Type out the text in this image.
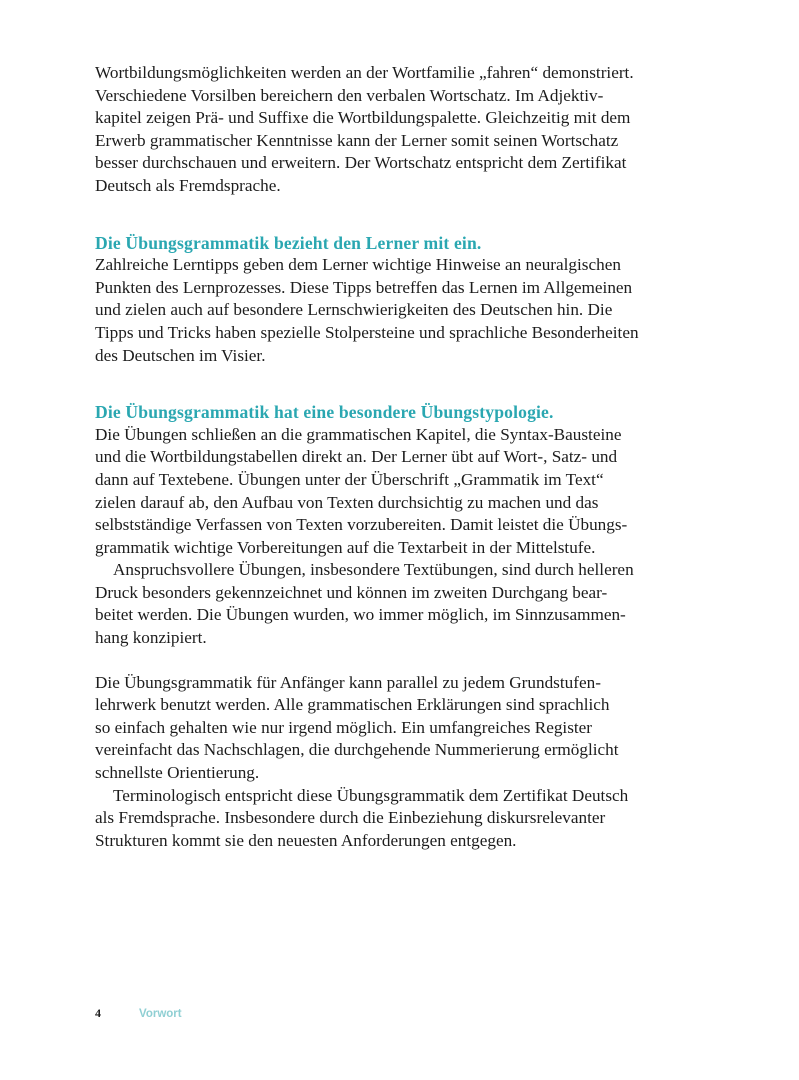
Wortbildungsmöglichkeiten werden an der Wortfamilie „fahren“ demonstriert.
Verschiedene Vorsilben bereichern den verbalen Wortschatz. Im Adjektiv-
kapitel zeigen Prä- und Suffixe die Wortbildungspalette. Gleichzeitig mit dem
Erwerb grammatischer Kenntnisse kann der Lerner somit seinen Wortschatz
besser durchschauen und erweitern. Der Wortschatz entspricht dem Zertifikat
Deutsch als Fremdsprache.
Die Übungsgrammatik bezieht den Lerner mit ein.
Zahlreiche Lerntipps geben dem Lerner wichtige Hinweise an neuralgischen
Punkten des Lernprozesses. Diese Tipps betreffen das Lernen im Allgemeinen
und zielen auch auf besondere Lernschwierigkeiten des Deutschen hin. Die
Tipps und Tricks haben spezielle Stolpersteine und sprachliche Besonderheiten
des Deutschen im Visier.
Die Übungsgrammatik hat eine besondere Übungstypologie.
Die Übungen schließen an die grammatischen Kapitel, die Syntax-Bausteine
und die Wortbildungstabellen direkt an. Der Lerner übt auf Wort-, Satz- und
dann auf Textebene. Übungen unter der Überschrift „Grammatik im Text“
zielen darauf ab, den Aufbau von Texten durchsichtig zu machen und das
selbstständige Verfassen von Texten vorzubereiten. Damit leistet die Übungs-
grammatik wichtige Vorbereitungen auf die Textarbeit in der Mittelstufe.
Anspruchsvollere Übungen, insbesondere Textübungen, sind durch helleren
Druck besonders gekennzeichnet und können im zweiten Durchgang bear-
beitet werden. Die Übungen wurden, wo immer möglich, im Sinnzusammen-
hang konzipiert.
Die Übungsgrammatik für Anfänger kann parallel zu jedem Grundstufen-
lehrwerk benutzt werden. Alle grammatischen Erklärungen sind sprachlich
so einfach gehalten wie nur irgend möglich. Ein umfangreiches Register
vereinfacht das Nachschlagen, die durchgehende Nummerierung ermöglicht
schnellste Orientierung.
Terminologisch entspricht diese Übungsgrammatik dem Zertifikat Deutsch
als Fremdsprache. Insbesondere durch die Einbeziehung diskursrelevanter
Strukturen kommt sie den neuesten Anforderungen entgegen.
4	Vorwort
